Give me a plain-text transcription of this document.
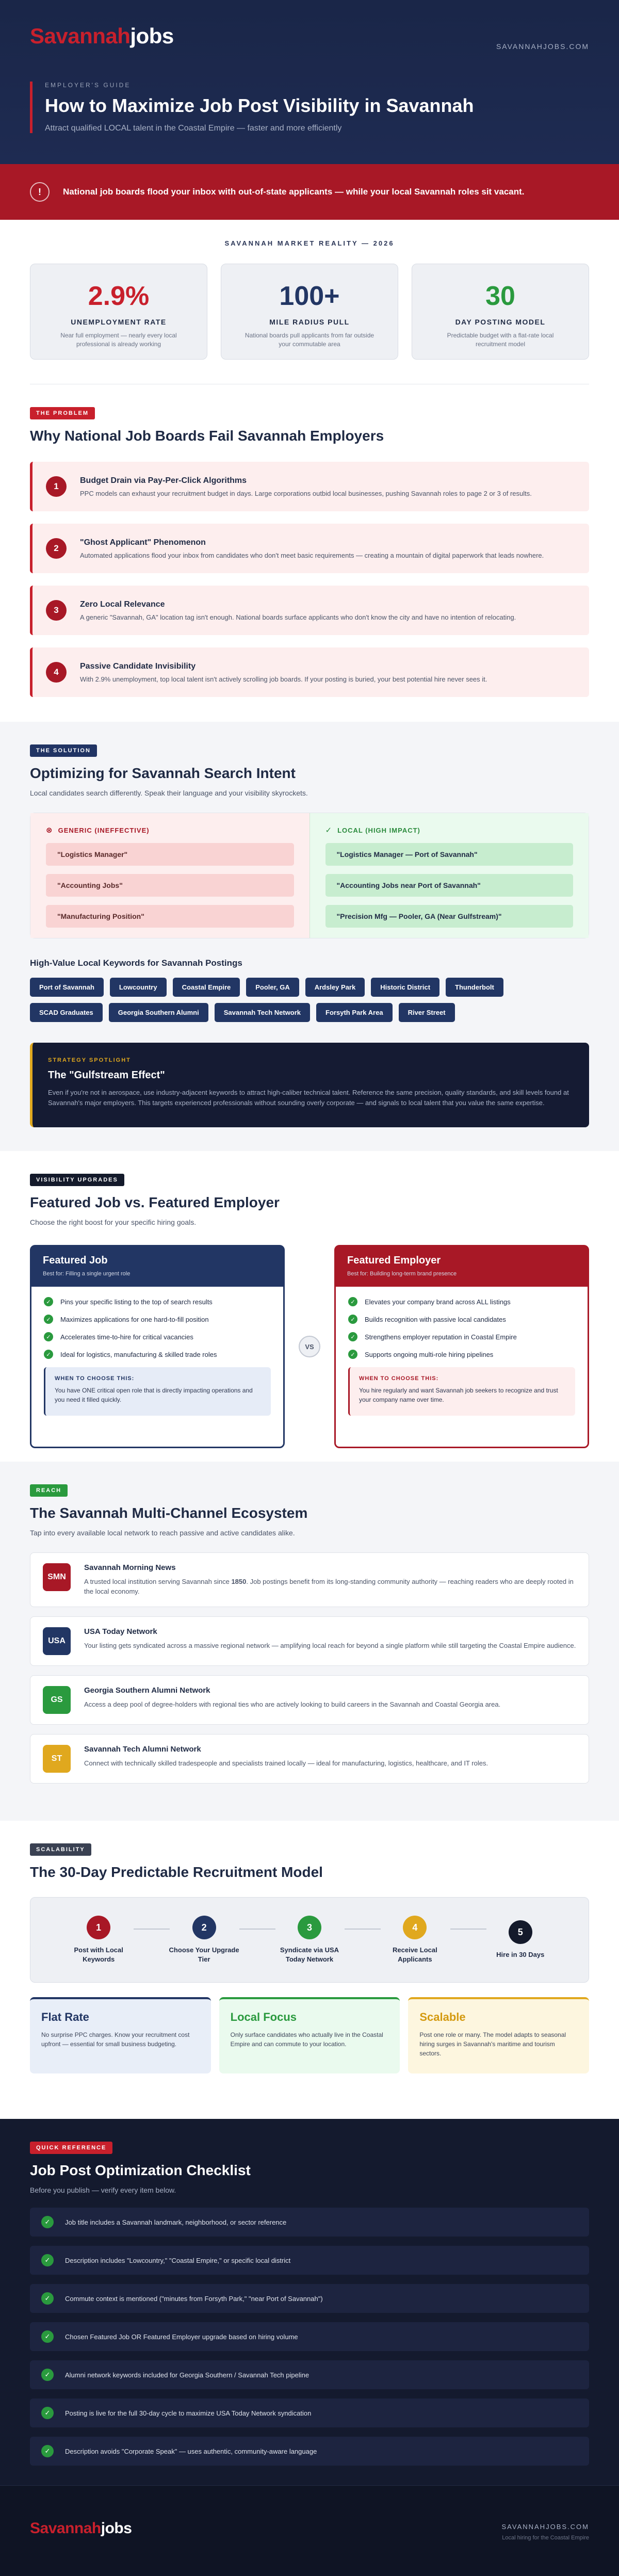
Savannah jobs	SAVANNAHJOBS.COM
EMPLOYER'S GUIDE
How to Maximize Job Post Visibility in Savannah
Attract qualified LOCAL talent in the Coastal Empire — faster and more efficiently
!	National job boards flood your inbox with out-of-state applicants — while your local Savannah roles sit vacant.
SAVANNAH MARKET REALITY — 2026
2.9%
UNEMPLOYMENT RATE
Near full employment — nearly every local professional is already working
100+
MILE RADIUS PULL
National boards pull applicants from far outside your commutable area
30
DAY POSTING MODEL
Predictable budget with a flat-rate local recruitment model
THE PROBLEM
Why National Job Boards Fail Savannah Employers
1
Budget Drain via Pay-Per-Click Algorithms
PPC models can exhaust your recruitment budget in days. Large corporations outbid local businesses, pushing Savannah roles to page 2 or 3 of results.
2
"Ghost Applicant" Phenomenon
Automated applications flood your inbox from candidates who don't meet basic requirements — creating a mountain of digital paperwork that leads nowhere.
3
Zero Local Relevance
A generic "Savannah, GA" location tag isn't enough. National boards surface applicants who don't know the city and have no intention of relocating.
4
Passive Candidate Invisibility
With 2.9% unemployment, top local talent isn't actively scrolling job boards. If your posting is buried, your best potential hire never sees it.
THE SOLUTION
Optimizing for Savannah Search Intent
Local candidates search differently. Speak their language and your visibility skyrockets.
⊗ GENERIC (INEFFECTIVE)
"Logistics Manager"
"Accounting Jobs"
"Manufacturing Position"
✓ LOCAL (HIGH IMPACT)
"Logistics Manager — Port of Savannah"
"Accounting Jobs near Port of Savannah"
"Precision Mfg — Pooler, GA (Near Gulfstream)"
High-Value Local Keywords for Savannah Postings
Port of Savannah	Lowcountry	Coastal Empire	Pooler, GA	Ardsley Park	Historic District	Thunderbolt
SCAD Graduates	Georgia Southern Alumni	Savannah Tech Network	Forsyth Park Area	River Street
STRATEGY SPOTLIGHT
The "Gulfstream Effect"
Even if you're not in aerospace, use industry-adjacent keywords to attract high-caliber technical talent. Reference the same precision, quality standards, and skill levels found at Savannah's major employers. This targets experienced professionals without sounding overly corporate — and signals to local talent that you value the same expertise.
VISIBILITY UPGRADES
Featured Job vs. Featured Employer
Choose the right boost for your specific hiring goals.
Featured Job
Best for: Filling a single urgent role
✓	Pins your specific listing to the top of search results
✓	Maximizes applications for one hard-to-fill position
✓	Accelerates time-to-hire for critical vacancies
✓	Ideal for logistics, manufacturing & skilled trade roles
WHEN TO CHOOSE THIS:
You have ONE critical open role that is directly impacting operations and you need it filled quickly.
VS
Featured Employer
Best for: Building long-term brand presence
✓	Elevates your company brand across ALL listings
✓	Builds recognition with passive local candidates
✓	Strengthens employer reputation in Coastal Empire
✓	Supports ongoing multi-role hiring pipelines
WHEN TO CHOOSE THIS:
You hire regularly and want Savannah job seekers to recognize and trust your company name over time.
REACH
The Savannah Multi-Channel Ecosystem
Tap into every available local network to reach passive and active candidates alike.
SMN
Savannah Morning News
A trusted local institution serving Savannah since 1850. Job postings benefit from its long-standing community authority — reaching readers who are deeply rooted in the local economy.
USA
USA Today Network
Your listing gets syndicated across a massive regional network — amplifying local reach for beyond a single platform while still targeting the Coastal Empire audience.
GS
Georgia Southern Alumni Network
Access a deep pool of degree-holders with regional ties who are actively looking to build careers in the Savannah and Coastal Georgia area.
ST
Savannah Tech Alumni Network
Connect with technically skilled tradespeople and specialists trained locally — ideal for manufacturing, logistics, healthcare, and IT roles.
SCALABILITY
The 30-Day Predictable Recruitment Model
1
Post with Local Keywords
2
Choose Your Upgrade Tier
3
Syndicate via USA Today Network
4
Receive Local Applicants
5
Hire in 30 Days
Flat Rate
No surprise PPC charges. Know your recruitment cost upfront — essential for small business budgeting.
Local Focus
Only surface candidates who actually live in the Coastal Empire and can commute to your location.
Scalable
Post one role or many. The model adapts to seasonal hiring surges in Savannah's maritime and tourism sectors.
QUICK REFERENCE
Job Post Optimization Checklist
Before you publish — verify every item below.
✓	Job title includes a Savannah landmark, neighborhood, or sector reference
✓	Description includes "Lowcountry," "Coastal Empire," or specific local district
✓	Commute context is mentioned ("minutes from Forsyth Park," "near Port of Savannah")
✓	Chosen Featured Job OR Featured Employer upgrade based on hiring volume
✓	Alumni network keywords included for Georgia Southern / Savannah Tech pipeline
✓	Posting is live for the full 30-day cycle to maximize USA Today Network syndication
✓	Description avoids "Corporate Speak" — uses authentic, community-aware language
Savannah jobs	SAVANNAHJOBS.COM
Local hiring for the Coastal Empire
